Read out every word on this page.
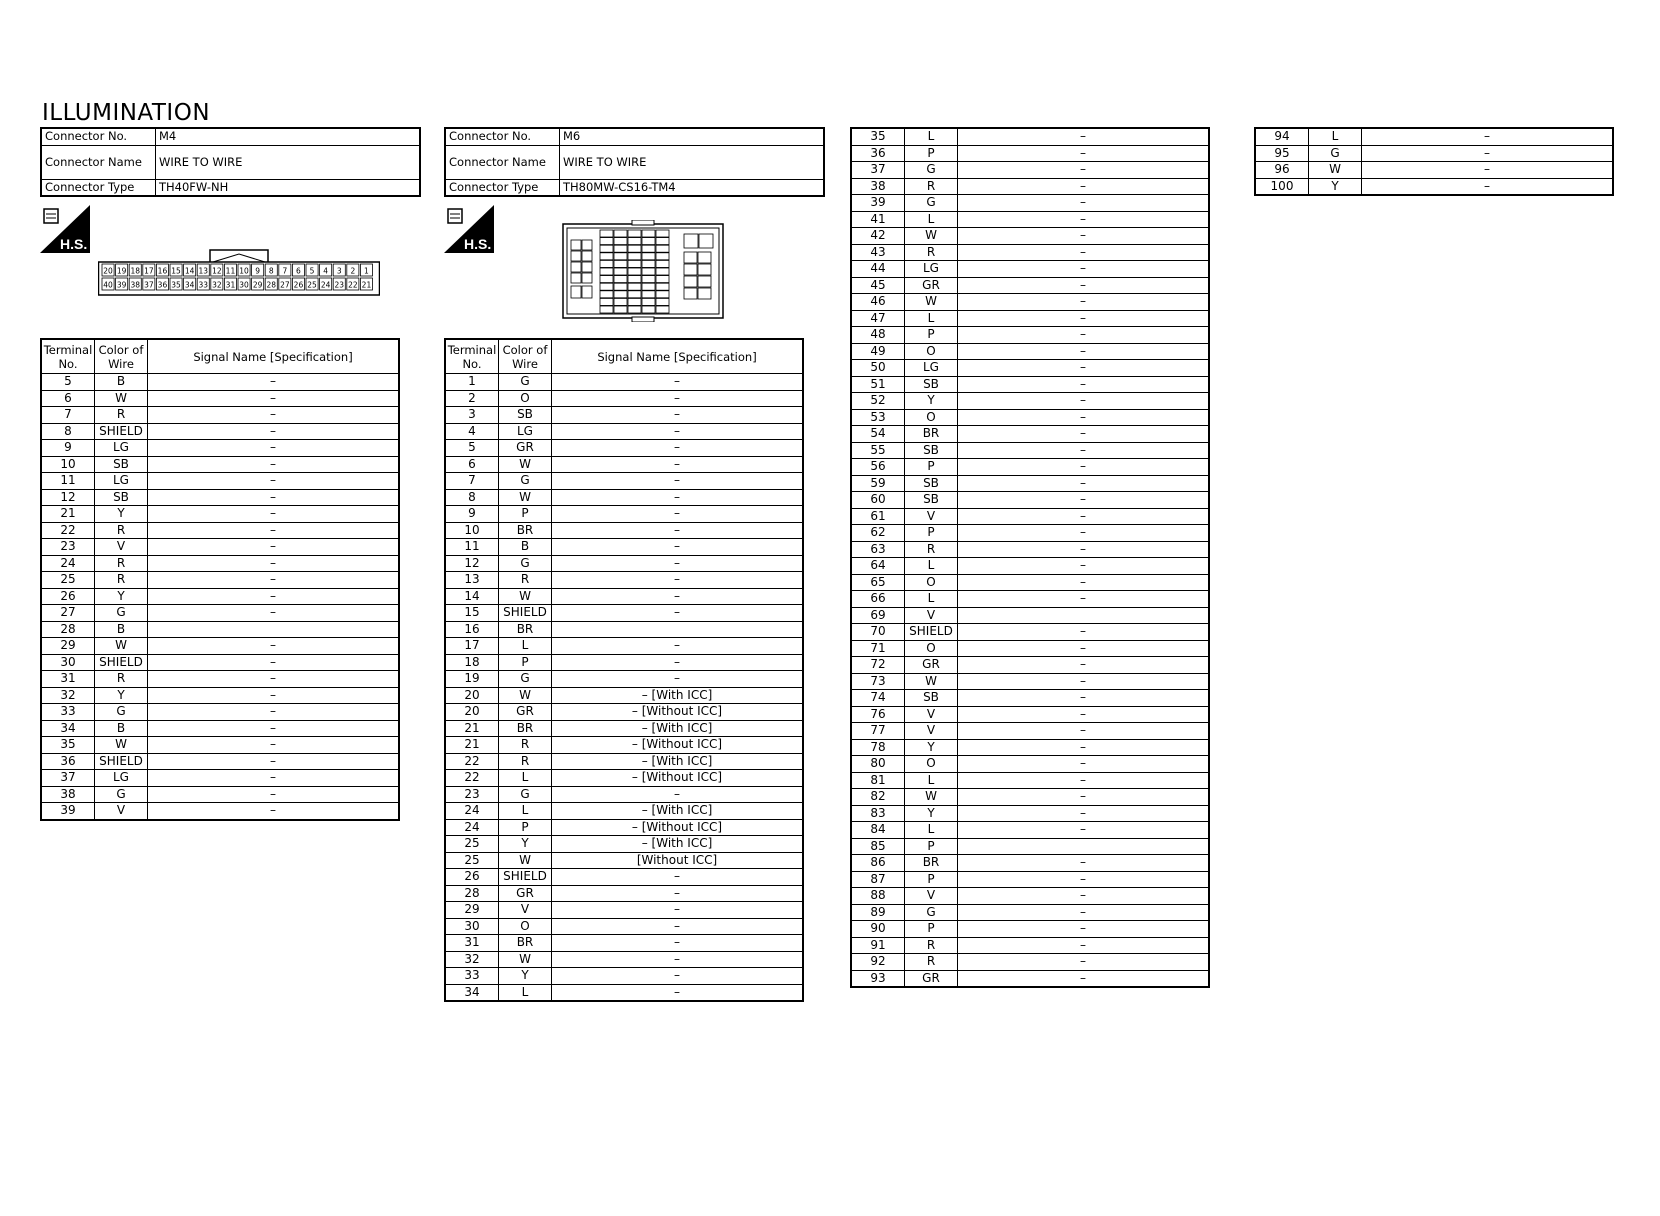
ILLUMINATION
Connector No.	M4
Connector Name	WIRE TO WIRE
Connector Type	TH40FW-NH
Connector No.	M6
Connector Name	WIRE TO WIRE
Connector Type	TH80MW-CS16-TM4
H.S.	H.S.
20 19 18 17 16 15 14 13 12 11 10 9 8 7 6 5 4 3 2 1
40 39 38 37 36 35 34 33 32 31 30 29 28 27 26 25 24 23 22 21
Terminal No.	Color of Wire	Signal Name [Specification]
5	B	–
6	W	–
7	R	–
8	SHIELD	–
9	LG	–
10	SB	–
11	LG	–
12	SB	–
21	Y	–
22	R	–
23	V	–
24	R	–
25	R	–
26	Y	–
27	G	–
28	B	
29	W	–
30	SHIELD	–
31	R	–
32	Y	–
33	G	–
34	B	–
35	W	–
36	SHIELD	–
37	LG	–
38	G	–
39	V	–
Terminal No.	Color of Wire	Signal Name [Specification]
1	G	–
2	O	–
3	SB	–
4	LG	–
5	GR	–
6	W	–
7	G	–
8	W	–
9	P	–
10	BR	–
11	B	–
12	G	–
13	R	–
14	W	–
15	SHIELD	–
16	BR	
17	L	–
18	P	–
19	G	–
20	W	– [With ICC]
20	GR	– [Without ICC]
21	BR	– [With ICC]
21	R	– [Without ICC]
22	R	– [With ICC]
22	L	– [Without ICC]
23	G	–
24	L	– [With ICC]
24	P	– [Without ICC]
25	Y	– [With ICC]
25	W	[Without ICC]
26	SHIELD	–
28	GR	–
29	V	–
30	O	–
31	BR	–
32	W	–
33	Y	–
34	L	–
35	L	–
36	P	–
37	G	–
38	R	–
39	G	–
41	L	–
42	W	–
43	R	–
44	LG	–
45	GR	–
46	W	–
47	L	–
48	P	–
49	O	–
50	LG	–
51	SB	–
52	Y	–
53	O	–
54	BR	–
55	SB	–
56	P	–
59	SB	–
60	SB	–
61	V	–
62	P	–
63	R	–
64	L	–
65	O	–
66	L	–
69	V	
70	SHIELD	–
71	O	–
72	GR	–
73	W	–
74	SB	–
76	V	–
77	V	–
78	Y	–
80	O	–
81	L	–
82	W	–
83	Y	–
84	L	–
85	P	
86	BR	–
87	P	–
88	V	–
89	G	–
90	P	–
91	R	–
92	R	–
93	GR	–
94	L	–
95	G	–
96	W	–
100	Y	–
